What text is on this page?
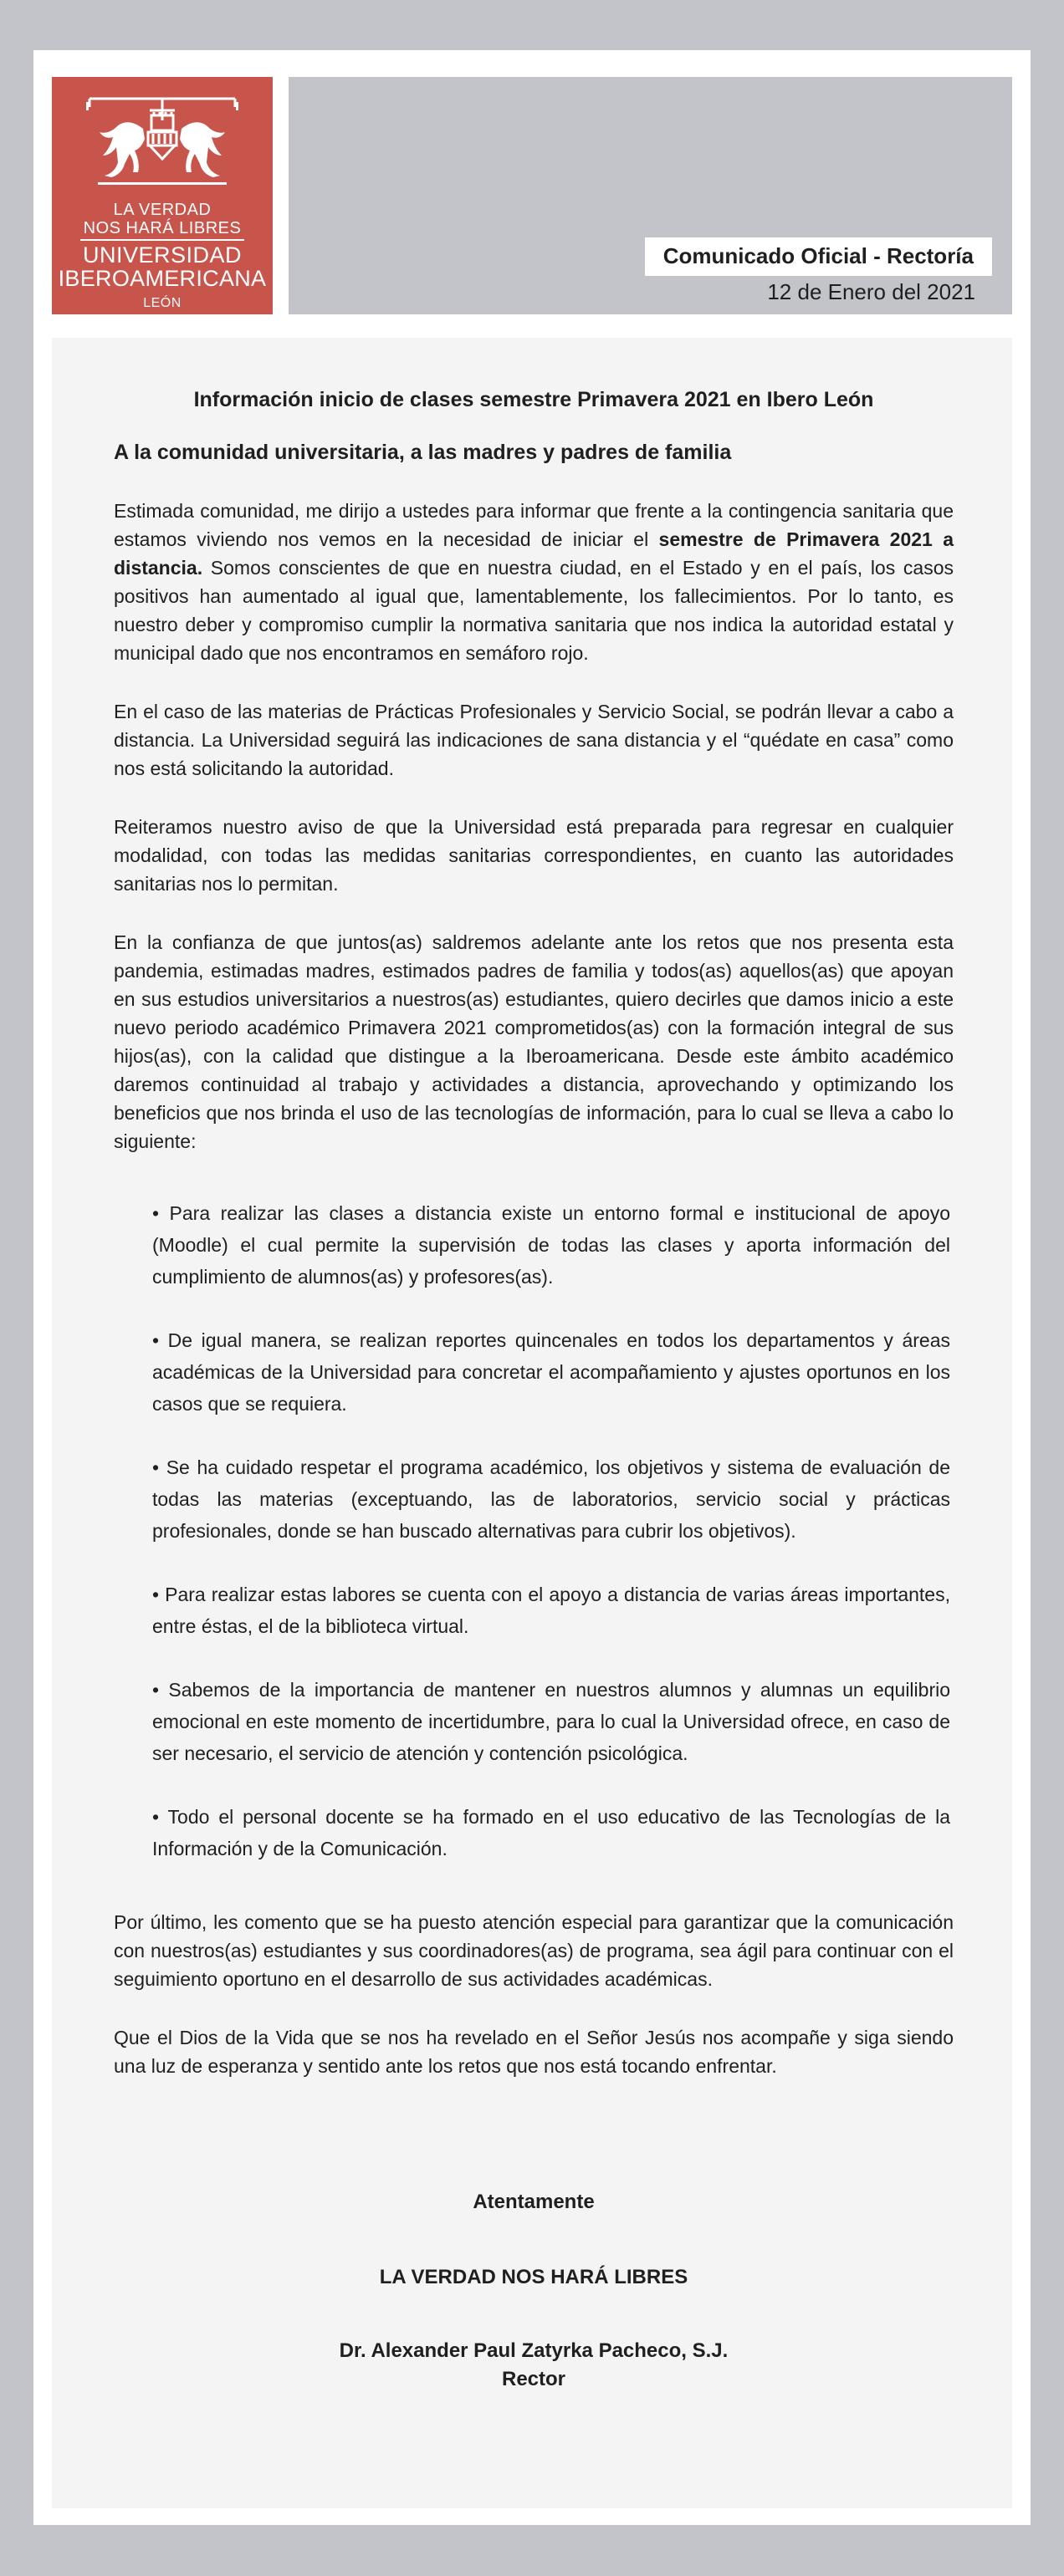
LA VERDAD
NOS HARÁ LIBRES
UNIVERSIDAD
IBEROAMERICANA
LEÓN
Comunicado Oficial - Rectoría
12 de Enero del 2021
Información inicio de clases semestre Primavera 2021 en Ibero León
A la comunidad universitaria, a las madres y padres de familia

Estimada comunidad, me dirijo a ustedes para informar que frente a la contingencia sanitaria que estamos viviendo nos vemos en la necesidad de iniciar el semestre de Primavera 2021 a distancia. Somos conscientes de que en nuestra ciudad, en el Estado y en el país, los casos positivos han aumentado al igual que, lamentablemente, los fallecimientos. Por lo tanto, es nuestro deber y compromiso cumplir la normativa sanitaria que nos indica la autoridad estatal y municipal dado que nos encontramos en semáforo rojo.

En el caso de las materias de Prácticas Profesionales y Servicio Social, se podrán llevar a cabo a distancia. La Universidad seguirá las indicaciones de sana distancia y el “quédate en casa” como nos está solicitando la autoridad.

Reiteramos nuestro aviso de que la Universidad está preparada para regresar en cualquier modalidad, con todas las medidas sanitarias correspondientes, en cuanto las autoridades sanitarias nos lo permitan.

En la confianza de que juntos(as) saldremos adelante ante los retos que nos presenta esta pandemia, estimadas madres, estimados padres de familia y todos(as) aquellos(as) que apoyan en sus estudios universitarios a nuestros(as) estudiantes, quiero decirles que damos inicio a este nuevo periodo académico Primavera 2021 comprometidos(as) con la formación integral de sus hijos(as), con la calidad que distingue a la Iberoamericana. Desde este ámbito académico daremos continuidad al trabajo y actividades a distancia, aprovechando y optimizando los beneficios que nos brinda el uso de las tecnologías de información, para lo cual se lleva a cabo lo siguiente:

• Para realizar las clases a distancia existe un entorno formal e institucional de apoyo (Moodle) el cual permite la supervisión de todas las clases y aporta información del cumplimiento de alumnos(as) y profesores(as).

• De igual manera, se realizan reportes quincenales en todos los departamentos y áreas académicas de la Universidad para concretar el acompañamiento y ajustes oportunos en los casos que se requiera.

• Se ha cuidado respetar el programa académico, los objetivos y sistema de evaluación de todas las materias (exceptuando, las de laboratorios, servicio social y prácticas profesionales, donde se han buscado alternativas para cubrir los objetivos).

• Para realizar estas labores se cuenta con el apoyo a distancia de varias áreas importantes, entre éstas, el de la biblioteca virtual.

• Sabemos de la importancia de mantener en nuestros alumnos y alumnas un equilibrio emocional en este momento de incertidumbre, para lo cual la Universidad ofrece, en caso de ser necesario, el servicio de atención y contención psicológica.

• Todo el personal docente se ha formado en el uso educativo de las Tecnologías de la Información y de la Comunicación.

Por último, les comento que se ha puesto atención especial para garantizar que la comunicación con nuestros(as) estudiantes y sus coordinadores(as) de programa, sea ágil para continuar con el seguimiento oportuno en el desarrollo de sus actividades académicas.

Que el Dios de la Vida que se nos ha revelado en el Señor Jesús nos acompañe y siga siendo una luz de esperanza y sentido ante los retos que nos está tocando enfrentar.

Atentamente
LA VERDAD NOS HARÁ LIBRES
Dr. Alexander Paul Zatyrka Pacheco, S.J.
Rector
